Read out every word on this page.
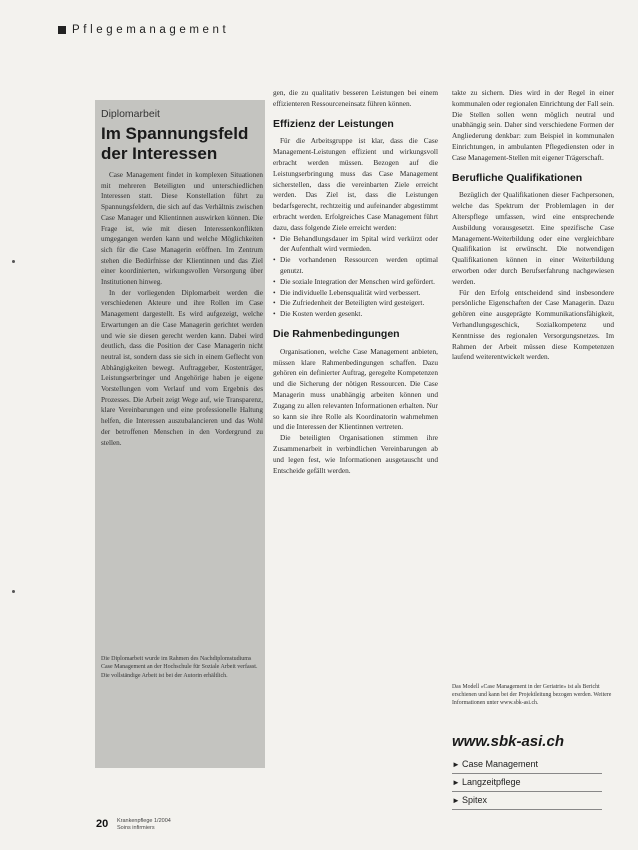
Pflegemanagement
Diplomarbeit
Im Spannungsfeld der Interessen

Case Management findet in komplexen Situationen mit mehreren Beteiligten und unterschiedlichen Interessen statt. Diese Konstellation führt zu Spannungsfeldern, die sich auf das Verhältnis zwischen Case Manager und Klientinnen auswirken können. Die Frage ist, wie mit diesen Interessenkonflikten umgegangen werden kann und welche Möglichkeiten sich für die Case Managerin eröffnen. Im Zentrum stehen die Bedürfnisse der Klientinnen und das Ziel einer koordinierten, wirkungsvollen Versorgung über Institutionen hinweg.

In der vorliegenden Diplomarbeit werden die verschiedenen Akteure und ihre Rollen im Case Management dargestellt. Es wird aufgezeigt, welche Erwartungen an die Case Managerin gerichtet werden und wie sie diesen gerecht werden kann. Dabei wird deutlich, dass die Position der Case Managerin nicht neutral ist, sondern dass sie sich in einem Geflecht von Abhängigkeiten bewegt. Auftraggeber, Kostenträger, Leistungserbringer und Angehörige haben je eigene Vorstellungen vom Verlauf und vom Ergebnis des Prozesses. Die Arbeit zeigt Wege auf, wie Transparenz, klare Vereinbarungen und eine professionelle Haltung helfen, die Interessen auszubalancieren und das Wohl der betroffenen Menschen in den Vordergrund zu stellen.

Die Diplomarbeit wurde im Rahmen des Nachdiplomstudiums Case Management an der Hochschule für Soziale Arbeit verfasst.

Die vollständige Arbeit ist bei der Autorin erhältlich.

gen, die zu qualitativ besseren Leistungen bei einem effizienteren Ressourceneinsatz führen können.

Effizienz der Leistungen

Für die Arbeitsgruppe ist klar, dass die Case Management-Leistungen effizient und wirkungsvoll erbracht werden müssen. Bezogen auf die Leistungserbringung muss das Case Management sicherstellen, dass die vereinbarten Ziele erreicht werden. Das Ziel ist, dass die Leistungen bedarfsgerecht, rechtzeitig und aufeinander abgestimmt erbracht werden. Erfolgreiches Case Management führt dazu, dass folgende Ziele erreicht werden:

• Die Behandlungsdauer im Spital wird verkürzt oder der Aufenthalt wird vermieden.
• Die vorhandenen Ressourcen werden optimal genutzt.
• Die soziale Integration der Menschen wird gefördert.
• Die individuelle Lebensqualität wird verbessert.
• Die Zufriedenheit der Beteiligten wird gesteigert.
• Die Kosten werden gesenkt.
Die Rahmenbedingungen

Organisationen, welche Case Management anbieten, müssen klare Rahmenbedingungen schaffen. Dazu gehören ein definierter Auftrag, geregelte Kompetenzen und die Sicherung der nötigen Ressourcen. Die Case Managerin muss unabhängig arbeiten können und Zugang zu allen relevanten Informationen erhalten. Nur so kann sie ihre Rolle als Koordinatorin wahrnehmen und die Interessen der Klientinnen vertreten.

Die beteiligten Organisationen stimmen ihre Zusammenarbeit in verbindlichen Vereinbarungen ab und legen fest, wie Informationen ausgetauscht und Entscheide gefällt werden.

takte zu sichern. Dies wird in der Regel in einer kommunalen oder regionalen Einrichtung der Fall sein. Die Stellen sollen wenn möglich neutral und unabhängig sein. Daher sind verschiedene Formen der Angliederung denkbar: zum Beispiel in kommunalen Einrichtungen, in ambulanten Pflegediensten oder in Case Management-Stellen mit eigener Trägerschaft.

Berufliche Qualifikationen

Bezüglich der Qualifikationen dieser Fachpersonen, welche das Spektrum der Problemlagen in der Alterspflege umfassen, wird eine entsprechende Ausbildung vorausgesetzt. Eine spezifische Case Management-Weiterbildung oder eine vergleichbare Qualifikation ist erwünscht. Die notwendigen Qualifikationen können in einer Weiterbildung erworben oder durch Berufserfahrung nachgewiesen werden.

Für den Erfolg entscheidend sind insbesondere persönliche Eigenschaften der Case Managerin. Dazu gehören eine ausgeprägte Kommunikationsfähigkeit, Verhandlungsgeschick, Sozialkompetenz und Kenntnisse des regionalen Versorgungsnetzes. Im Rahmen der Arbeit müssen diese Kompetenzen laufend weiterentwickelt werden.

Das Modell «Case Management in der Geriatrie» ist als Bericht erschienen und kann bei der Projektleitung bezogen werden. Weitere Informationen unter www.sbk-asi.ch.
www.sbk-asi.ch
► Case Management
► Langzeitpflege
► Spitex
20 Krankenpflege 1/2004
Soins infirmiers
